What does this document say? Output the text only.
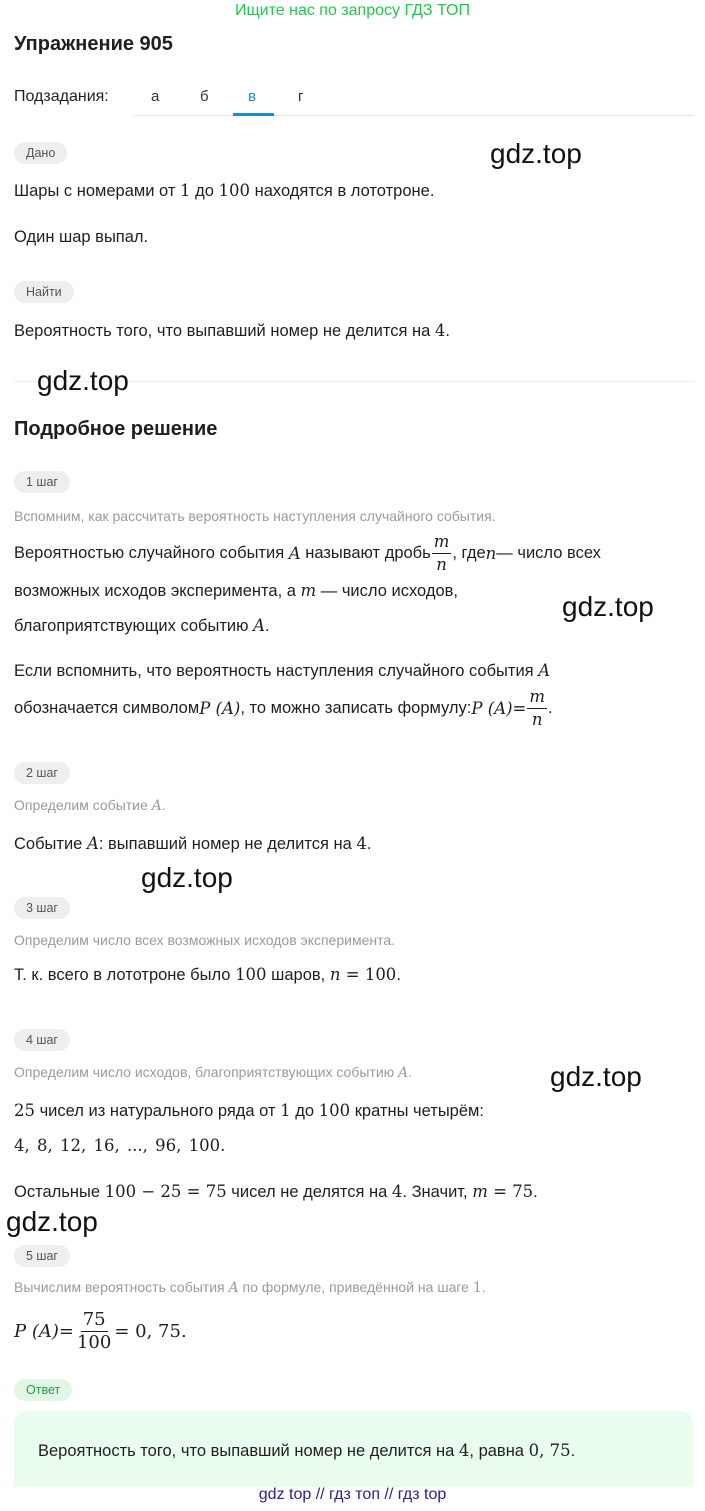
Ищите нас по запросу ГДЗ ТОП
Упражнение 905
Подзадания:	а	б	в	г
Дано	gdz.top
Шары с номерами от 1 до 100 находятся в лототроне.
Один шар выпал.
Найти
Вероятность того, что выпавший номер не делится на 4.
gdz.top
Подробное решение
1 шаг
Вспомним, как рассчитать вероятность наступления случайного события.
Вероятностью случайного события
A
называют дробь $\frac{m}{n}$ , где n — число всех
возможных исходов эксперимента, а m — число исходов,	gdz.top
благоприятствующих событию A.
Если вспомнить, что вероятность наступления случайного события A
обозначается символом P (A) , то можно записать формулу: P $(A) = \frac{m}{n}$ .
2 шаг
Определим событие A.
Событие A: выпавший номер не делится на 4.
gdz.top
3 шаг
Определим число всех возможных исходов эксперимента.
Т. к. всего в лототроне было 100 шаров, n = 100.
4 шаг
Определим число исходов, благоприятствующих событию A.	gdz.top
25 чисел из натурального ряда от 1 до 100 кратны четырём:
4, 8, 12, 16, ..., 96, 100.
Остальные 100 − 25 = 75 чисел не делятся на 4. Значит, m = 75.
gdz.top
5 шаг
Вычислим вероятность события A по формуле, приведённой на шаге 1.
P $(A) = \frac{75}{100} = 0$, 75.
Ответ
Вероятность того, что выпавший номер не делится на 4, равна 0, 75.
gdz top // гдз топ // гдз top
